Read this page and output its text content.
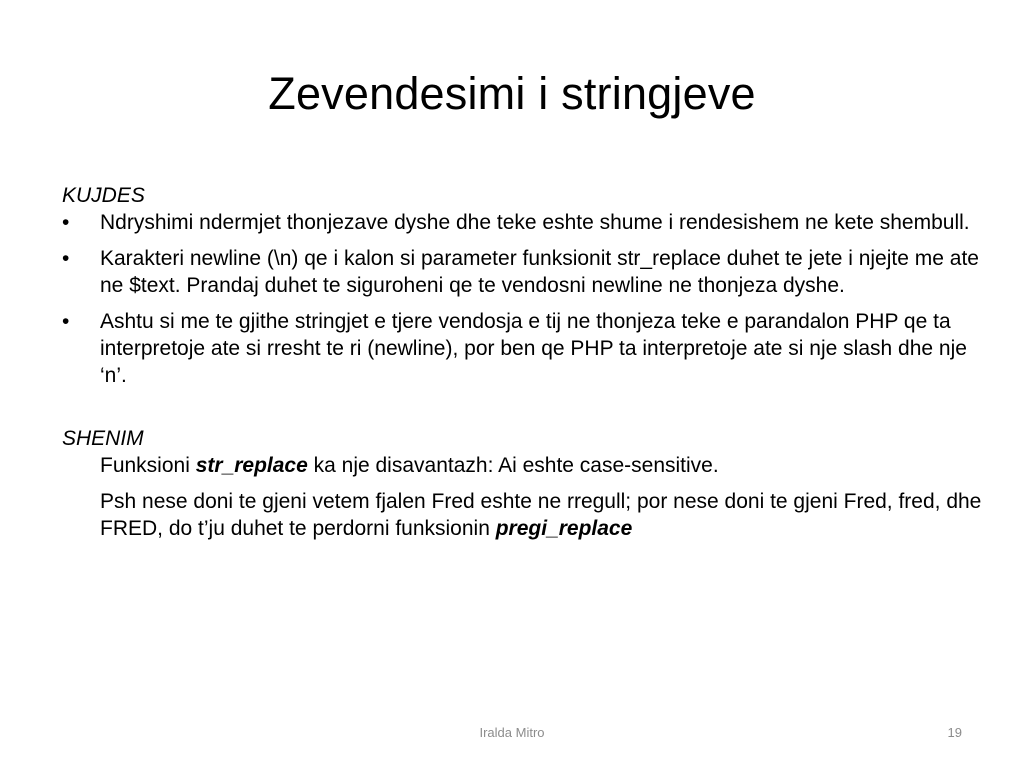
Zevendesimi i stringjeve

KUJDES

•	Ndryshimi ndermjet thonjezave dyshe dhe teke eshte shume i rendesishem ne kete shembull.
•	Karakteri newline (\n) qe i kalon si parameter funksionit str_replace duhet te jete i njejte me ate ne $text. Prandaj duhet te siguroheni qe te vendosni newline ne thonjeza dyshe.
•	Ashtu si me te gjithe stringjet e tjere vendosja e tij ne thonjeza teke e parandalon PHP qe ta interpretoje ate si rresht te ri (newline), por ben qe PHP ta interpretoje ate si nje slash dhe nje ‘n’.

SHENIM

Funksioni str_replace ka nje disavantazh: Ai eshte case-sensitive.

Psh nese doni te gjeni vetem fjalen Fred eshte ne rregull; por nese doni te gjeni Fred, fred, dhe FRED, do t’ju duhet te perdorni funksionin pregi_replace

Iralda Mitro	19
